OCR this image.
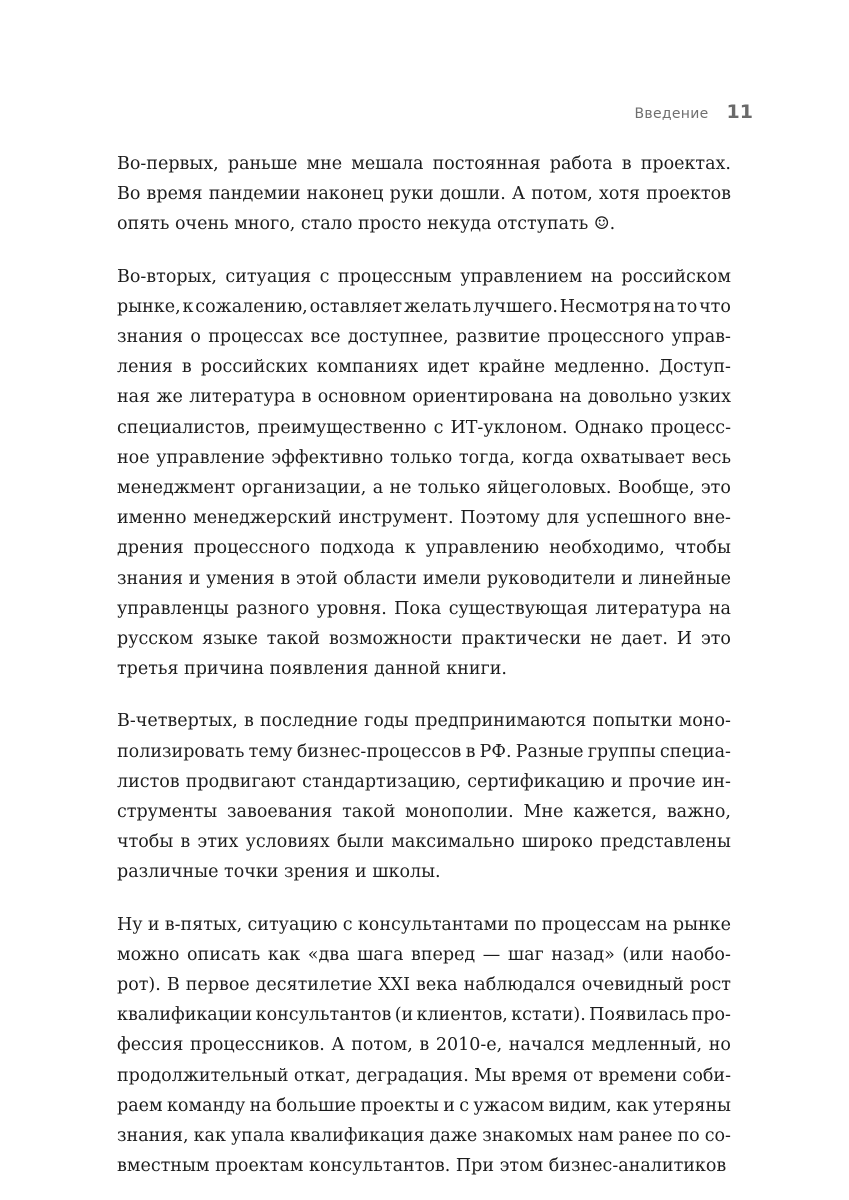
Введение 11
Во-первых, раньше мне мешала постоянная работа в проектах.
Во время пандемии наконец руки дошли. А потом, хотя проектов
опять очень много, стало просто некуда отступать ☺.
Во-вторых, ситуация с процессным управлением на российском
рынке, к сожалению, оставляет желать лучшего. Несмотря на то что
знания о процессах все доступнее, развитие процессного управ-
ления в российских компаниях идет крайне медленно. Доступ-
ная же литература в основном ориентирована на довольно узких
специалистов, преимущественно с ИТ-уклоном. Однако процесс-
ное управление эффективно только тогда, когда охватывает весь
менеджмент организации, а не только яйцеголовых. Вообще, это
именно менеджерский инструмент. Поэтому для успешного вне-
дрения процессного подхода к управлению необходимо, чтобы
знания и умения в этой области имели руководители и линейные
управленцы разного уровня. Пока существующая литература на
русском языке такой возможности практически не дает. И это
третья причина появления данной книги.
В-четвертых, в последние годы предпринимаются попытки моно-
полизировать тему бизнес-процессов в РФ. Разные группы специа-
листов продвигают стандартизацию, сертификацию и прочие ин-
струменты завоевания такой монополии. Мне кажется, важно,
чтобы в этих условиях были максимально широко представлены
различные точки зрения и школы.
Ну и в-пятых, ситуацию с консультантами по процессам на рынке
можно описать как «два шага вперед — шаг назад» (или наобо-
рот). В первое десятилетие XXI века наблюдался очевидный рост
квалификации консультантов (и клиентов, кстати). Появилась про-
фессия процессников. А потом, в 2010-е, начался медленный, но
продолжительный откат, деградация. Мы время от времени соби-
раем команду на большие проекты и с ужасом видим, как утеряны
знания, как упала квалификация даже знакомых нам ранее по со-
вместным проектам консультантов. При этом бизнес-аналитиков
